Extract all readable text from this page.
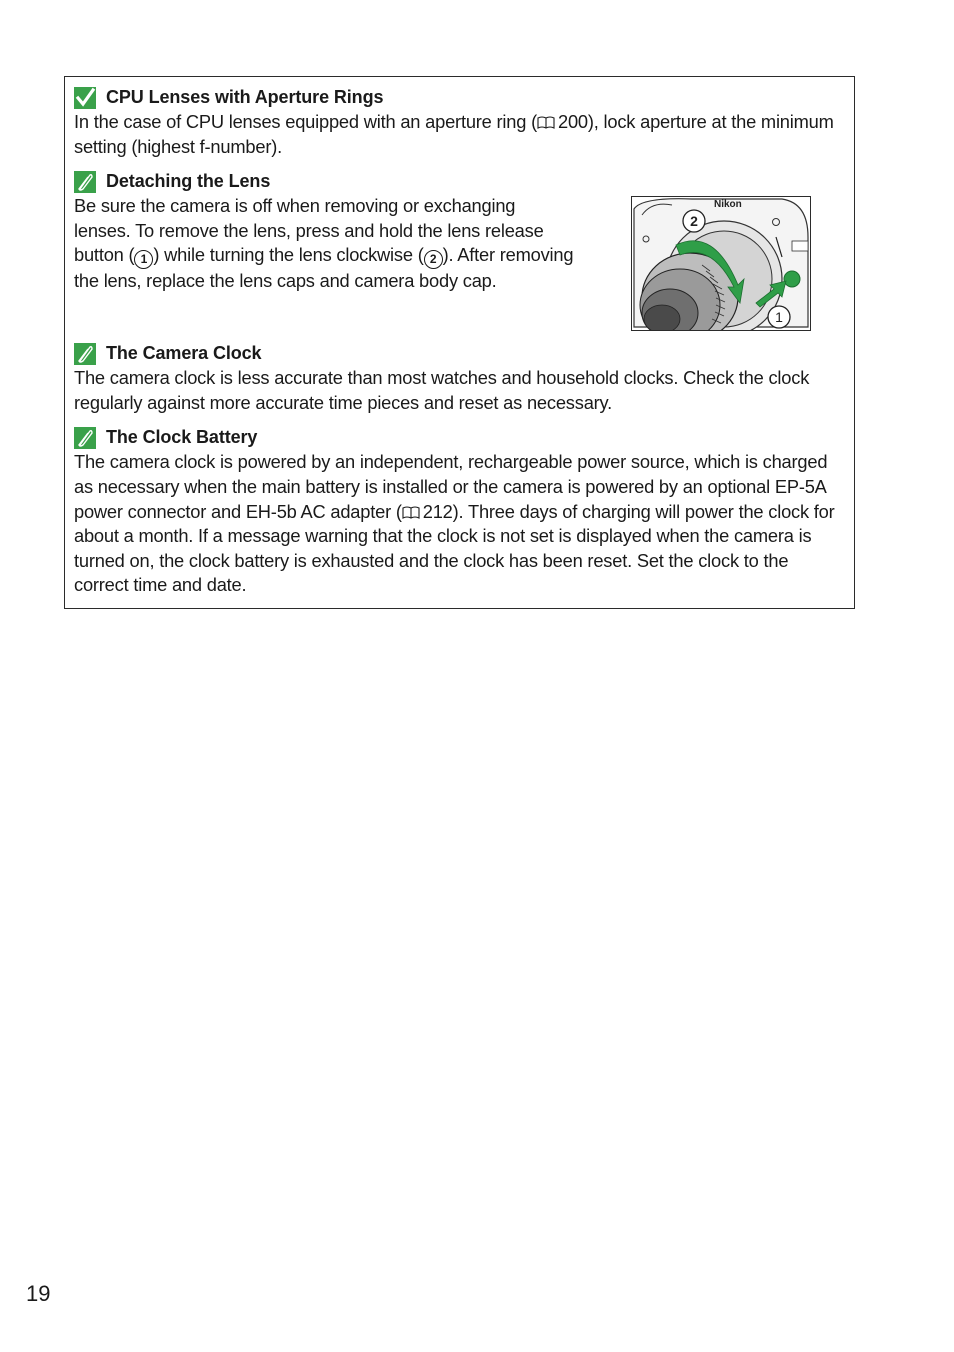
CPU Lenses with Aperture Rings
In the case of CPU lenses equipped with an aperture ring ( 200), lock aperture at the minimum setting (highest f-number).
Detaching the Lens
Be sure the camera is off when removing or exchanging lenses. To remove the lens, press and hold the lens release button ( 1 ) while turning the lens clockwise ( 2 ). After removing the lens, replace the lens caps and camera body cap.
Nikon
2
1
The Camera Clock
The camera clock is less accurate than most watches and household clocks. Check the clock regularly against more accurate time pieces and reset as necessary.
The Clock Battery
The camera clock is powered by an independent, rechargeable power source, which is charged as necessary when the main battery is installed or the camera is powered by an optional EP-5A power connector and EH-5b AC adapter ( 212). Three days of charging will power the clock for about a month. If a message warning that the clock is not set is displayed when the camera is turned on, the clock battery is exhausted and the clock has been reset. Set the clock to the correct time and date.
19
